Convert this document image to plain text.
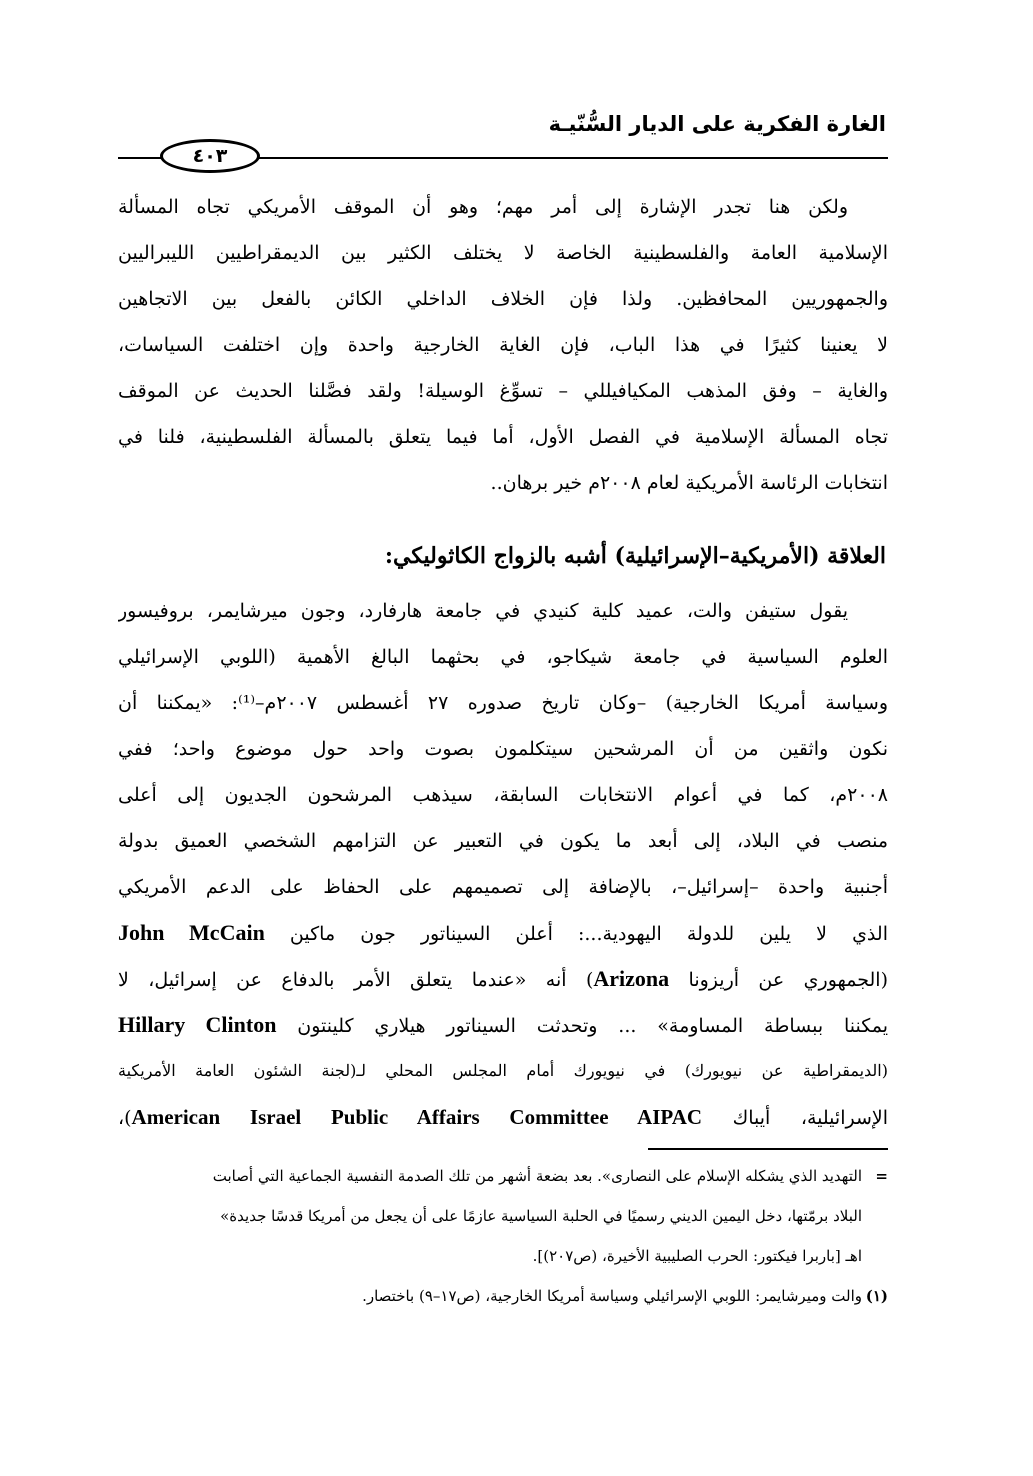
الغارة الفكرية على الديار السُّنّيـة
٤٠٣
ولكن هنا تجدر الإشارة إلى أمر مهم؛ وهو أن الموقف الأمريكي تجاه المسألة
الإسلامية العامة والفلسطينية الخاصة لا يختلف الكثير بين الديمقراطيين الليبراليين
والجمهوريين المحافظين. ولذا فإن الخلاف الداخلي الكائن بالفعل بين الاتجاهين
لا يعنينا كثيرًا في هذا الباب، فإن الغاية الخارجية واحدة وإن اختلفت السياسات،
والغاية – وفق المذهب المكيافيللي – تسوِّغ الوسيلة! ولقد فصَّلنا الحديث عن الموقف
تجاه المسألة الإسلامية في الفصل الأول، أما فيما يتعلق بالمسألة الفلسطينية، فلنا في
انتخابات الرئاسة الأمريكية لعام ٢٠٠٨م خير برهان..
العلاقة (الأمريكية–الإسرائيلية) أشبه بالزواج الكاثوليكي:
يقول ستيفن والت، عميد كلية كنيدي في جامعة هارفارد، وجون ميرشايمر، بروفيسور
العلوم السياسية في جامعة شيكاجو، في بحثهما البالغ الأهمية (اللوبي الإسرائيلي
وسياسة أمريكا الخارجية) –وكان تاريخ صدوره ٢٧ أغسطس ٢٠٠٧م–⁽¹⁾: «يمكننا أن
نكون واثقين من أن المرشحين سيتكلمون بصوت واحد حول موضوع واحد؛ ففي
٢٠٠٨م، كما في أعوام الانتخابات السابقة، سيذهب المرشحون الجديون إلى أعلى
منصب في البلاد، إلى أبعد ما يكون في التعبير عن التزامهم الشخصي العميق بدولة
أجنبية واحدة –إسرائيل–، بالإضافة إلى تصميمهم على الحفاظ على الدعم الأمريكي
الذي لا يلين للدولة اليهودية...: أعلن السيناتور جون ماكين John McCain
(الجمهوري عن أريزونا Arizona) أنه «عندما يتعلق الأمر بالدفاع عن إسرائيل، لا
يمكننا ببساطة المساومة» ... وتحدثت السيناتور هيلاري كلينتون Hillary Clinton
(الديمقراطية عن نيويورك) في نيويورك أمام المجلس المحلي لـ(لجنة الشئون العامة الأمريكية
الإسرائيلية، أيباك American Israel Public Affairs Committee AIPAC)،
=التهديد الذي يشكله الإسلام على النصارى». بعد بضعة أشهر من تلك الصدمة النفسية الجماعية التي أصابت
البلاد برمّتها، دخل اليمين الديني رسميًا في الحلبة السياسية عازمًا على أن يجعل من أمريكا قدسًا جديدة»
اهـ [باربرا فيكتور: الحرب الصليبية الأخيرة، (ص٢٠٧)].
(١)والت وميرشايمر: اللوبي الإسرائيلي وسياسة أمريكا الخارجية، (ص١٧–٩) باختصار.
